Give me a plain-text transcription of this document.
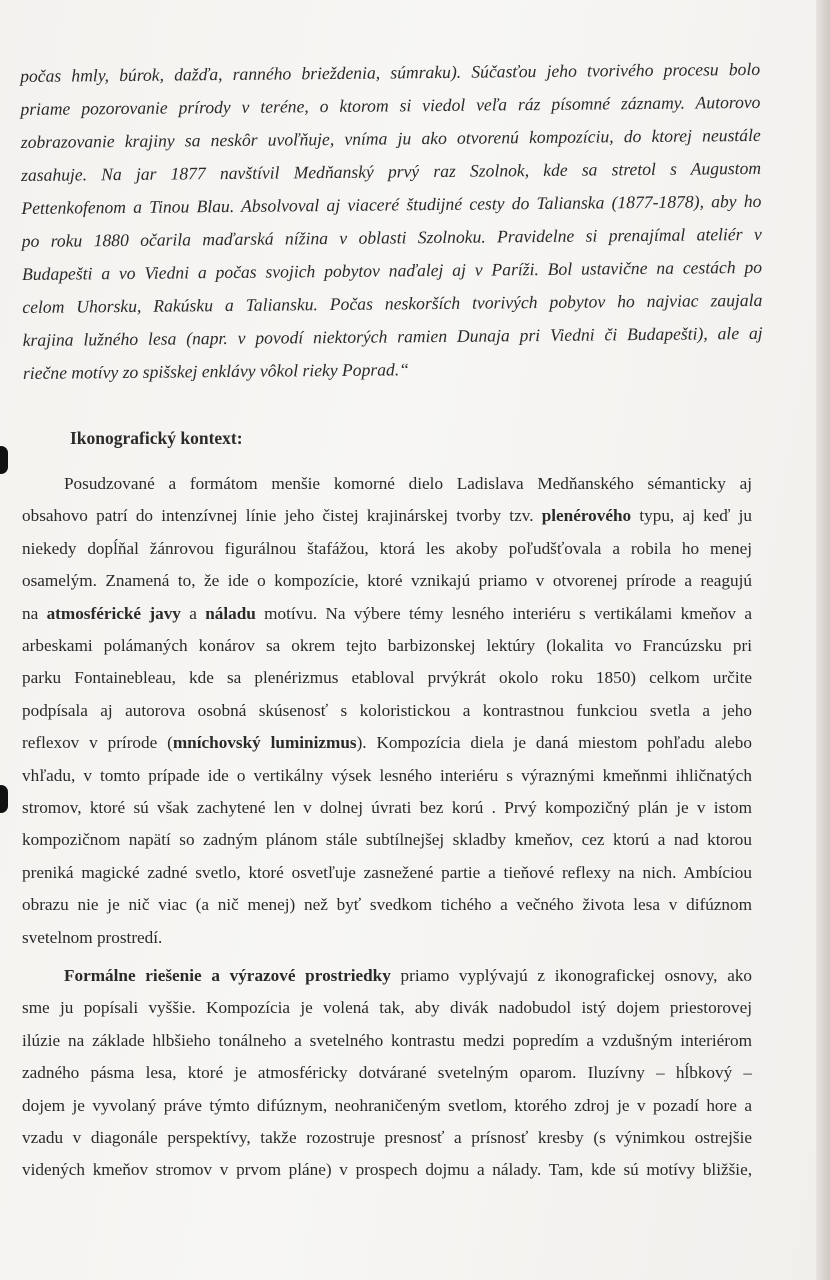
počas hmly, búrok, dažďa, ranného brieždenia, súmraku). Súčasťou jeho tvorivého procesu bolo
priame pozorovanie prírody v teréne, o ktorom si viedol veľa ráz písomné záznamy. Autorovo
zobrazovanie krajiny sa neskôr uvoľňuje, vníma ju ako otvorenú kompozíciu, do ktorej neustále
zasahuje. Na jar 1877 navštívil Medňanský prvý raz Szolnok, kde sa stretol s Augustom
Pettenkofenom a Tinou Blau. Absolvoval aj viaceré študijné cesty do Talianska (1877-1878), aby ho
po roku 1880 očarila maďarská nížina v oblasti Szolnoku. Pravidelne si prenajímal ateliér v
Budapešti a vo Viedni a počas svojich pobytov naďalej aj v Paríži. Bol ustavične na cestách po
celom Uhorsku, Rakúsku a Taliansku. Počas neskorších tvorivých pobytov ho najviac zaujala
krajina lužného lesa (napr. v povodí niektorých ramien Dunaja pri Viedni či Budapešti), ale aj
riečne motívy zo spišskej enklávy vôkol rieky Poprad.“
Ikonografický kontext:
Posudzované a formátom menšie komorné dielo Ladislava Medňanského sémanticky aj
obsahovo patrí do intenzívnej línie jeho čistej krajinárskej tvorby tzv. plenérového typu, aj keď ju
niekedy dopĺňal žánrovou figurálnou štafážou, ktorá les akoby poľudšťovala a robila ho menej
osamelým. Znamená to, že ide o kompozície, ktoré vznikajú priamo v otvorenej prírode a reagujú
na atmosférické javy a náladu motívu. Na výbere témy lesného interiéru s vertikálami kmeňov a
arbeskami polámaných konárov sa okrem tejto barbizonskej lektúry (lokalita vo Francúzsku pri
parku Fontainebleau, kde sa plenérizmus etabloval prvýkrát okolo roku 1850) celkom určite
podpísala aj autorova osobná skúsenosť s koloristickou a kontrastnou funkciou svetla a jeho
reflexov v prírode (mníchovský luminizmus). Kompozícia diela je daná miestom pohľadu alebo
vhľadu, v tomto prípade ide o vertikálny výsek lesného interiéru s výraznými kmeňnmi ihličnatých
stromov, ktoré sú však zachytené len v dolnej úvrati bez korú . Prvý kompozičný plán je v istom
kompozičnom napätí so zadným plánom stále subtílnejšej skladby kmeňov, cez ktorú a nad ktorou
preniká magické zadné svetlo, ktoré osvetľuje zasnežené partie a tieňové reflexy na nich. Ambíciou
obrazu nie je nič viac (a nič menej) než byť svedkom tichého a večného života lesa v difúznom
svetelnom prostredí.
Formálne riešenie a výrazové prostriedky priamo vyplývajú z ikonografickej osnovy, ako
sme ju popísali vyššie. Kompozícia je volená tak, aby divák nadobudol istý dojem priestorovej
ilúzie na základe hlbšieho tonálneho a svetelného kontrastu medzi popredím a vzdušným interiérom
zadného pásma lesa, ktoré je atmosféricky dotvárané svetelným oparom. Iluzívny – hĺbkový –
dojem je vyvolaný práve týmto difúznym, neohraničeným svetlom, ktorého zdroj je v pozadí hore a
vzadu v diagonále perspektívy, takže rozostruje presnosť a prísnosť kresby (s výnimkou ostrejšie
videných kmeňov stromov v prvom pláne) v prospech dojmu a nálady. Tam, kde sú motívy bližšie,
